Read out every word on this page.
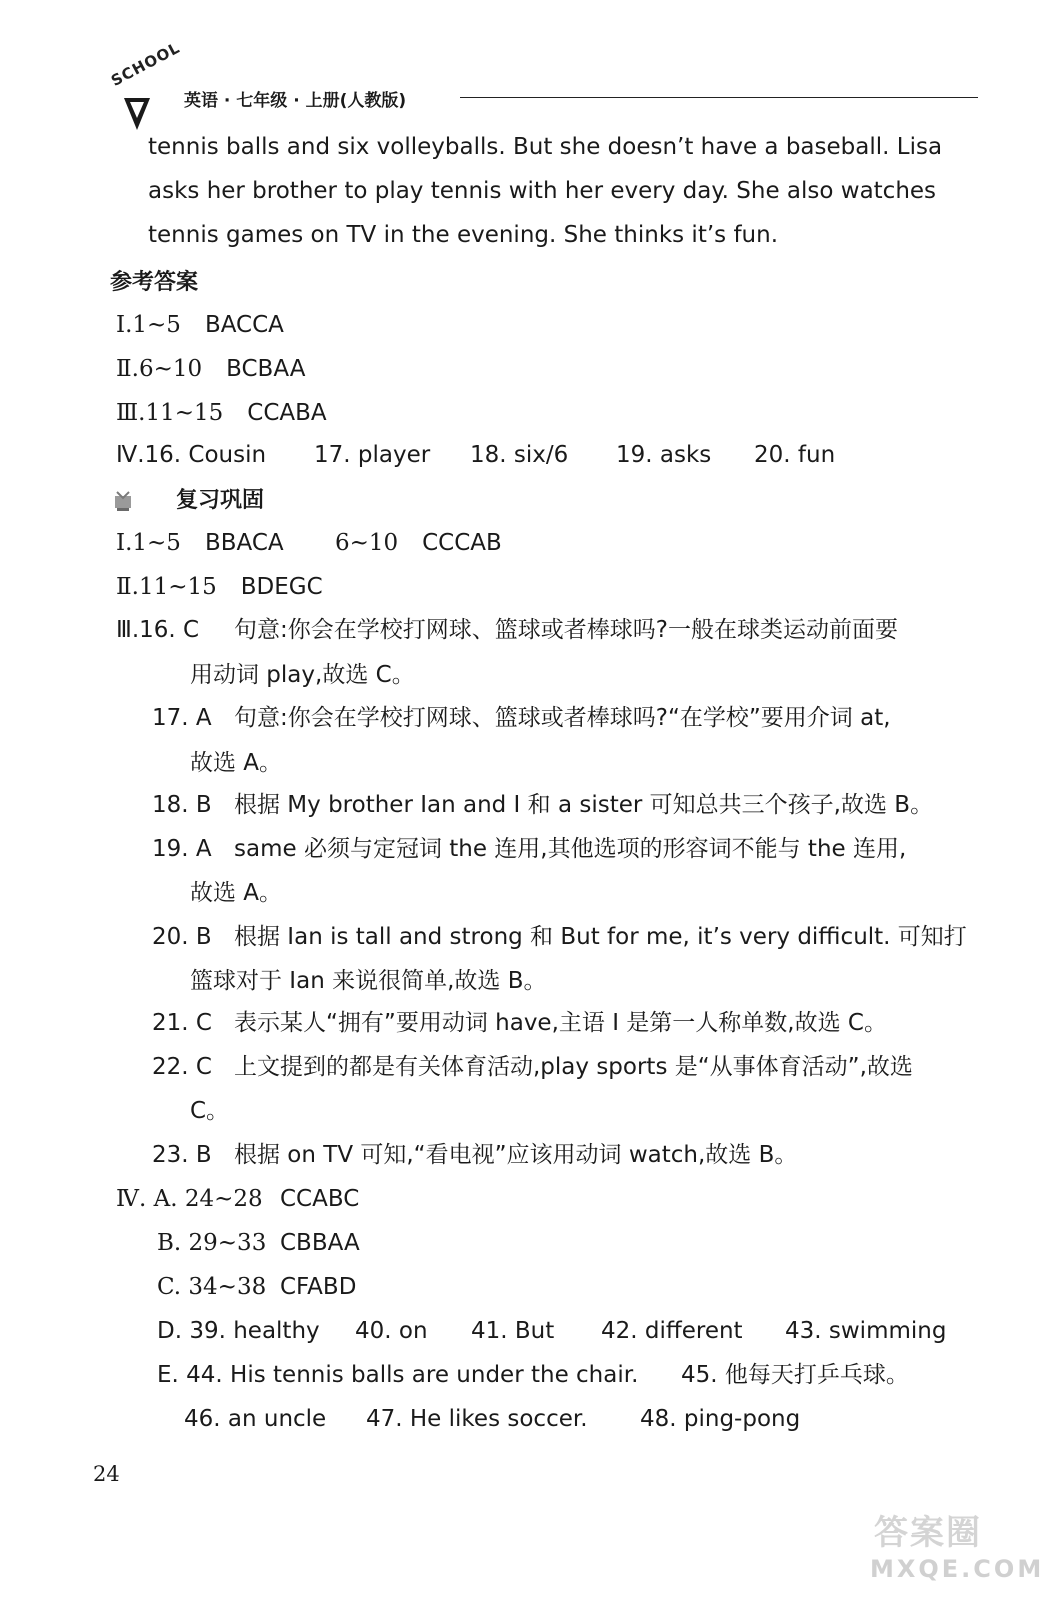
SCHOOL
英语 · 七年级 · 上册(人教版)
tennis balls and six volleyballs. But she doesn’t have a baseball. Lisa
asks her brother to play tennis with her every day. She also watches
tennis games on TV in the evening. She thinks it’s fun.
参考答案
Ⅰ.1~5 BACCA
Ⅱ.6~10 BCBAA
Ⅲ.11~15 CCABA
Ⅳ.16. Cousin 17. player 18. six/6 19. asks 20. fun
复习巩固
Ⅰ.1~5 BBACA 6~10 CCCAB
Ⅱ.11~15 BDEGC
Ⅲ.16. C 句意:你会在学校打网球、篮球或者棒球吗?一般在球类运动前面要
用动词 play,故选 C。
17. A 句意:你会在学校打网球、篮球或者棒球吗?“在学校”要用介词 at,
故选 A。
18. B 根据 My brother Ian and I 和 a sister 可知总共三个孩子,故选 B。
19. A same 必须与定冠词 the 连用,其他选项的形容词不能与 the 连用,
故选 A。
20. B 根据 Ian is tall and strong 和 But for me, it’s very difficult. 可知打
篮球对于 Ian 来说很简单,故选 B。
21. C 表示某人“拥有”要用动词 have,主语 I 是第一人称单数,故选 C。
22. C 上文提到的都是有关体育活动,play sports 是“从事体育活动”,故选
C。
23. B 根据 on TV 可知,“看电视”应该用动词 watch,故选 B。
Ⅳ. A. 24~28 CCABC
B. 29~33 CBBAA
C. 34~38 CFABD
D. 39. healthy 40. on 41. But 42. different 43. swimming
E. 44. His tennis balls are under the chair. 45. 他每天打乒乓球。
46. an uncle 47. He likes soccer. 48. ping-pong
24
答案圈
MXQE.COM
